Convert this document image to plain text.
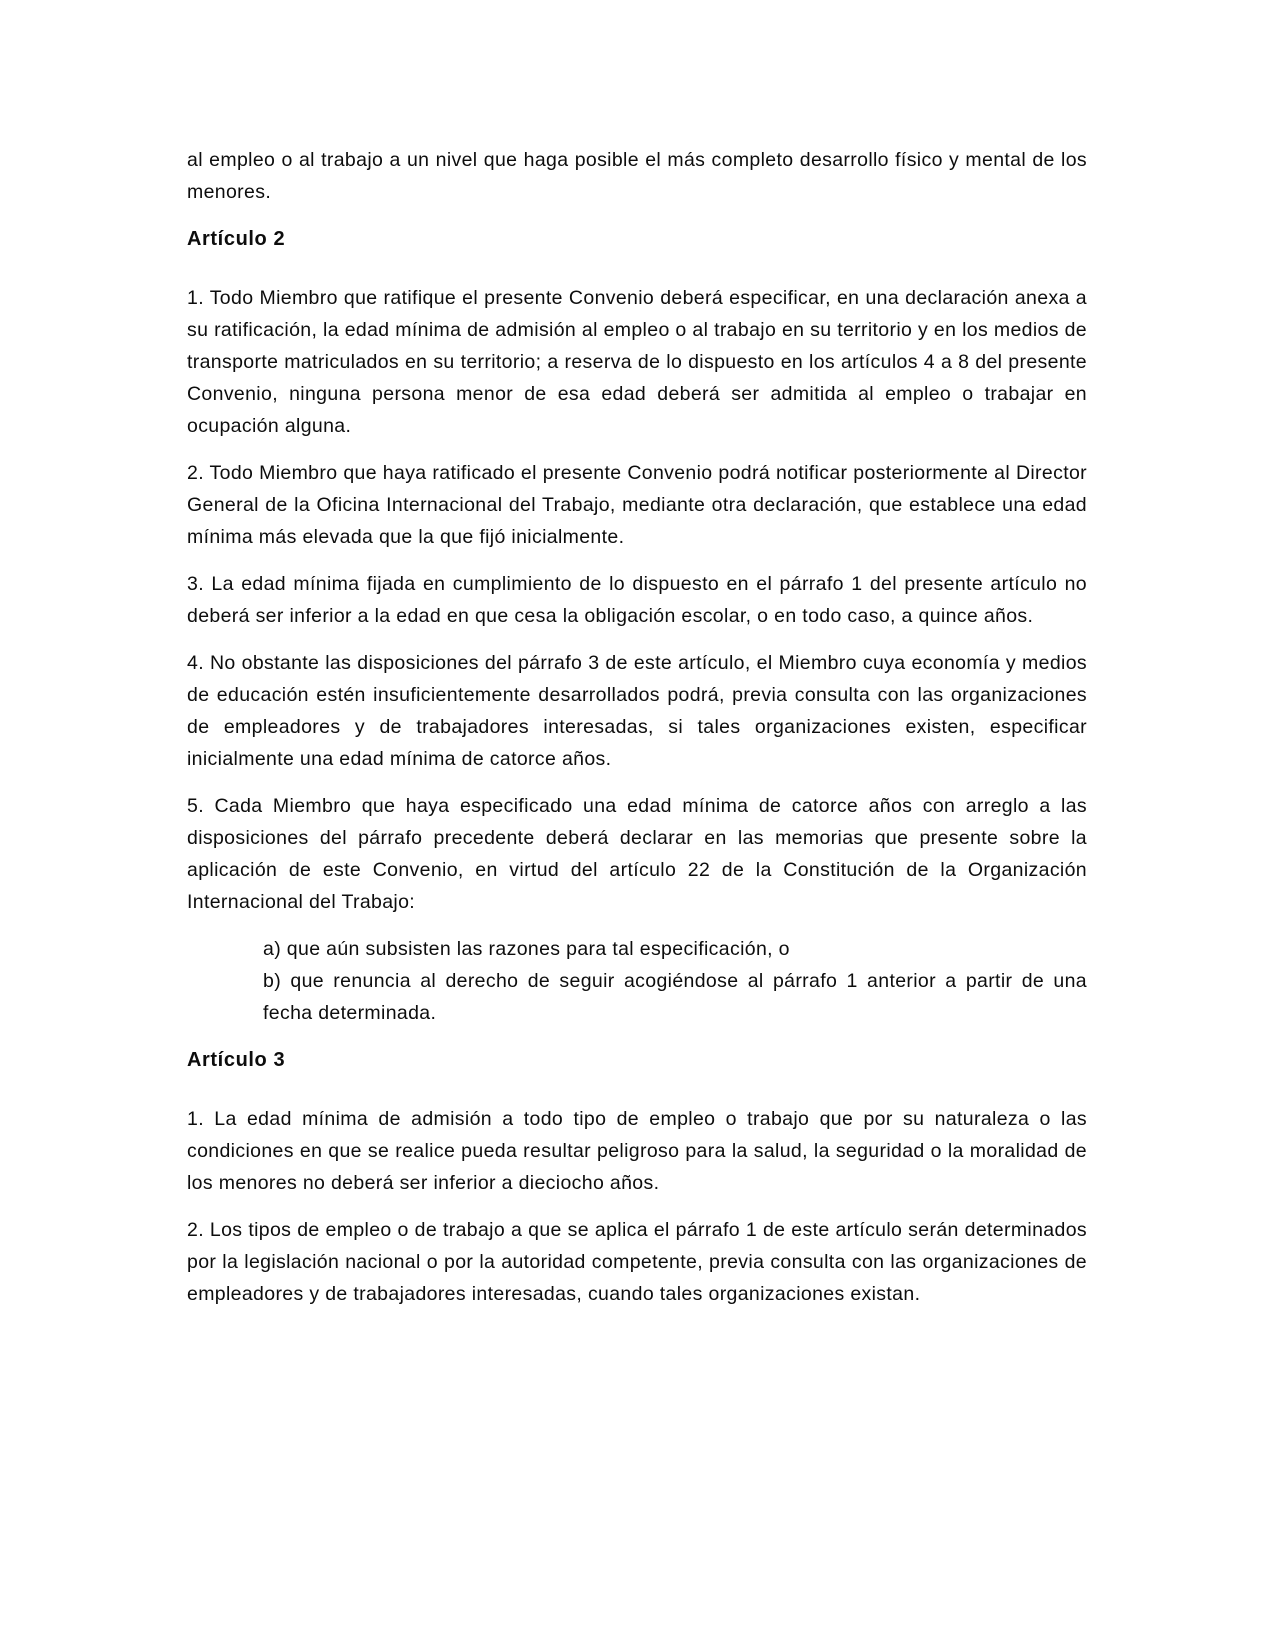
al empleo o al trabajo a un nivel que haga posible el más completo desarrollo físico y mental de los menores.

Artículo 2

1. Todo Miembro que ratifique el presente Convenio deberá especificar, en una declaración anexa a su ratificación, la edad mínima de admisión al empleo o al trabajo en su territorio y en los medios de transporte matriculados en su territorio; a reserva de lo dispuesto en los artículos 4 a 8 del presente Convenio, ninguna persona menor de esa edad deberá ser admitida al empleo o trabajar en ocupación alguna.

2. Todo Miembro que haya ratificado el presente Convenio podrá notificar posteriormente al Director General de la Oficina Internacional del Trabajo, mediante otra declaración, que establece una edad mínima más elevada que la que fijó inicialmente.

3. La edad mínima fijada en cumplimiento de lo dispuesto en el párrafo 1 del presente artículo no deberá ser inferior a la edad en que cesa la obligación escolar, o en todo caso, a quince años.

4. No obstante las disposiciones del párrafo 3 de este artículo, el Miembro cuya economía y medios de educación estén insuficientemente desarrollados podrá, previa consulta con las organizaciones de empleadores y de trabajadores interesadas, si tales organizaciones existen, especificar inicialmente una edad mínima de catorce años.

5. Cada Miembro que haya especificado una edad mínima de catorce años con arreglo a las disposiciones del párrafo precedente deberá declarar en las memorias que presente sobre la aplicación de este Convenio, en virtud del artículo 22 de la Constitución de la Organización Internacional del Trabajo:

a) que aún subsisten las razones para tal especificación, o

b) que renuncia al derecho de seguir acogiéndose al párrafo 1 anterior a partir de una fecha determinada.

Artículo 3

1. La edad mínima de admisión a todo tipo de empleo o trabajo que por su naturaleza o las condiciones en que se realice pueda resultar peligroso para la salud, la seguridad o la moralidad de los menores no deberá ser inferior a dieciocho años.

2. Los tipos de empleo o de trabajo a que se aplica el párrafo 1 de este artículo serán determinados por la legislación nacional o por la autoridad competente, previa consulta con las organizaciones de empleadores y de trabajadores interesadas, cuando tales organizaciones existan.
